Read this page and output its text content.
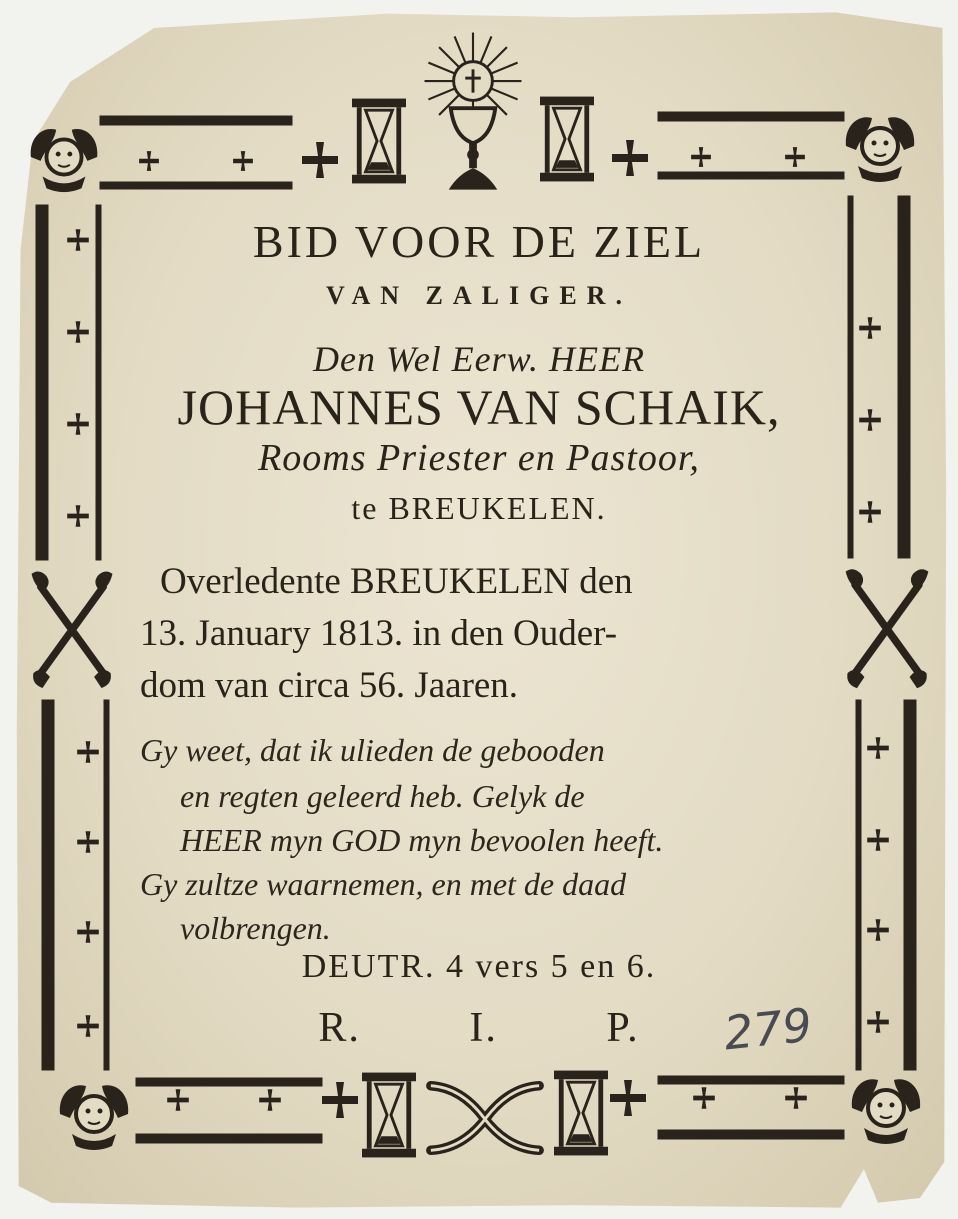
BID VOOR DE ZIEL
VAN ZALIGER.
Den Wel Eerw. HEER
JOHANNES VAN SCHAIK,
Rooms Priester en Pastoor,
te BREUKELEN.
Overledente BREUKELEN den
13. January 1813. in den Ouder-
dom van circa 56. Jaaren.
Gy weet, dat ik ulieden de gebooden
en regten geleerd heb. Gelyk de
HEER myn GOD myn bevoolen heeft.
Gy zultze waarnemen, en met de daad
volbrengen.
DEUTR. 4 vers 5 en 6.
R.	I.	P.	279
